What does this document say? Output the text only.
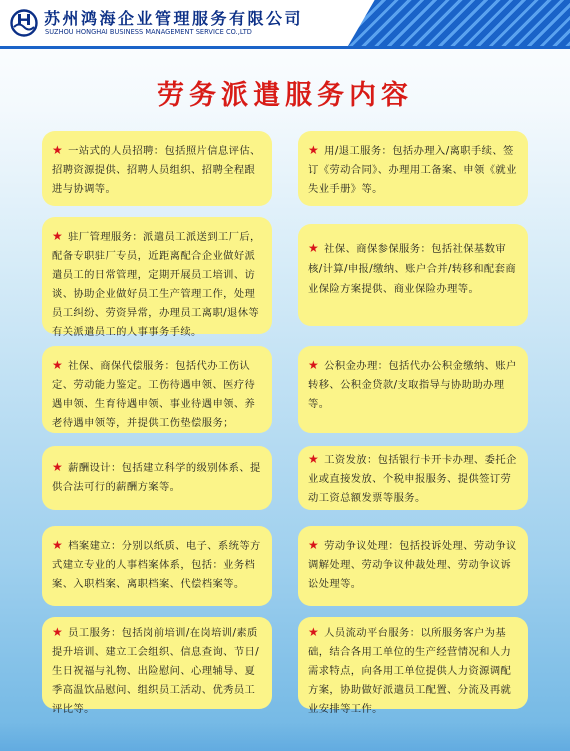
苏州鸿海企业管理服务有限公司
SUZHOU HONGHAI BUSINESS MANAGEMENT SERVICE CO.,LTD
劳务派遣服务内容
★ 一站式的人员招聘：包括照片信息评估、招聘资源提供、招聘人员组织、招聘全程跟进与协调等。
★ 用/退工服务：包括办理入/离职手续、签订《劳动合同》、办理用工备案、申领《就业失业手册》等。
★ 驻厂管理服务：派遣员工派送到工厂后，配备专职驻厂专员，近距离配合企业做好派遣员工的日常管理，定期开展员工培训、访谈、协助企业做好员工生产管理工作，处理员工纠纷、劳资异常，办理员工离职/退休等有关派遣员工的人事事务手续。
★ 社保、商保参保服务：包括社保基数审核/计算/申报/缴纳、账户合并/转移和配套商业保险方案提供、商业保险办理等。
★ 社保、商保代偿服务：包括代办工伤认定、劳动能力鉴定。工伤待遇申领、医疗待遇申领、生育待遇申领、事业待遇申领、养老待遇申领等，并提供工伤垫偿服务；
★ 公积金办理：包括代办公积金缴纳、账户转移、公积金贷款/支取指导与协助助办理等。
★ 薪酬设计：包括建立科学的级别体系、提供合法可行的薪酬方案等。
★ 工资发放：包括银行卡开卡办理、委托企业或直接发放、个税申报服务、提供签订劳动工资总额发票等服务。
★ 档案建立：分别以纸质、电子、系统等方式建立专业的人事档案体系，包括：业务档案、入职档案、离职档案、代偿档案等。
★ 劳动争议处理：包括投诉处理、劳动争议调解处理、劳动争议仲裁处理、劳动争议诉讼处理等。
★ 员工服务：包括岗前培训/在岗培训/素质提升培训、建立工会组织、信息查询、节日/生日祝福与礼物、出险慰问、心理辅导、夏季高温饮品慰问、组织员工活动、优秀员工评比等。
★ 人员流动平台服务：以所服务客户为基础，结合各用工单位的生产经营情况和人力需求特点，向各用工单位提供人力资源调配方案，协助做好派遣员工配置、分流及再就业安排等工作。
